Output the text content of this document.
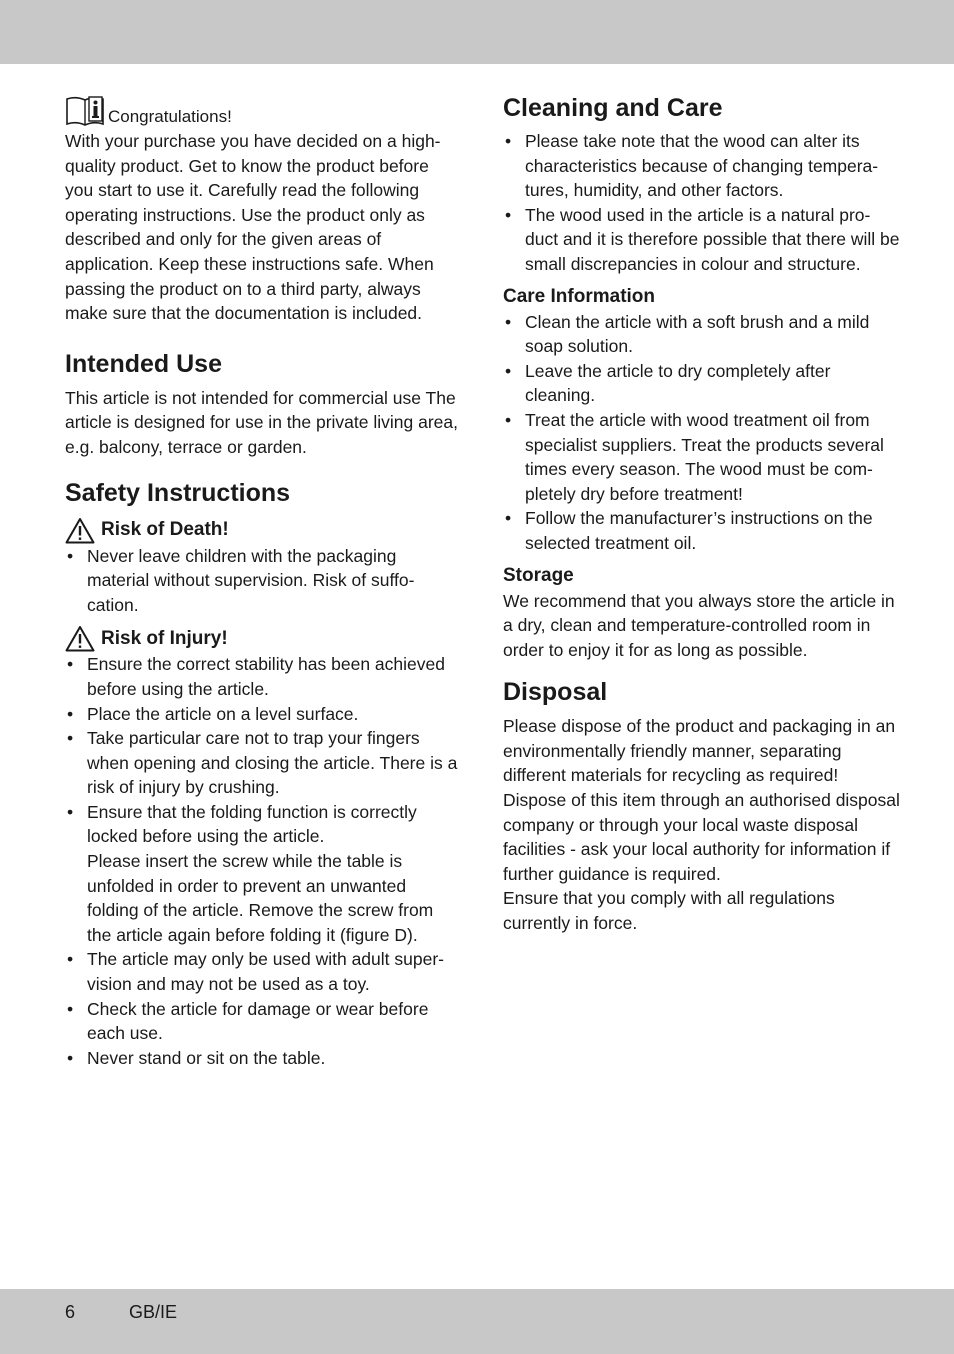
Congratulations!

With your purchase you have decided on a high-quality product. Get to know the product before you start to use it. Carefully read the following operating instructions. Use the product only as described and only for the given areas of application. Keep these instructions safe. When passing the product on to a third party, always make sure that the documentation is included.

Intended Use

This article is not intended for commercial use The article is designed for use in the private living area, e.g. balcony, terrace or garden.

Safety Instructions
Risk of Death!
• Never leave children with the packaging material without supervision. Risk of suffo-cation.
Risk of Injury!
• Ensure the correct stability has been achieved before using the article.
• Place the article on a level surface.
• Take particular care not to trap your fingers when opening and closing the article. There is a risk of injury by crushing.
• Ensure that the folding function is correctly locked before using the article.
Please insert the screw while the table is unfolded in order to prevent an unwanted folding of the article. Remove the screw from the article again before folding it (figure D).
• The article may only be used with adult super-vision and may not be used as a toy.
• Check the article for damage or wear before each use.
• Never stand or sit on the table.
Cleaning and Care
• Please take note that the wood can alter its characteristics because of changing tempera-tures, humidity, and other factors.
• The wood used in the article is a natural pro-duct and it is therefore possible that there will be small discrepancies in colour and structure.
Care Information
• Clean the article with a soft brush and a mild soap solution.
• Leave the article to dry completely after cleaning.
• Treat the article with wood treatment oil from specialist suppliers. Treat the products several times every season. The wood must be com-pletely dry before treatment!
• Follow the manufacturer’s instructions on the selected treatment oil.
Storage

We recommend that you always store the article in a dry, clean and temperature-controlled room in order to enjoy it for as long as possible.

Disposal

Please dispose of the product and packaging in an environmentally friendly manner, separating different materials for recycling as required!

Dispose of this item through an authorised disposal company or through your local waste disposal facilities - ask your local authority for information if further guidance is required.

Ensure that you comply with all regulations currently in force.

6	GB/IE
